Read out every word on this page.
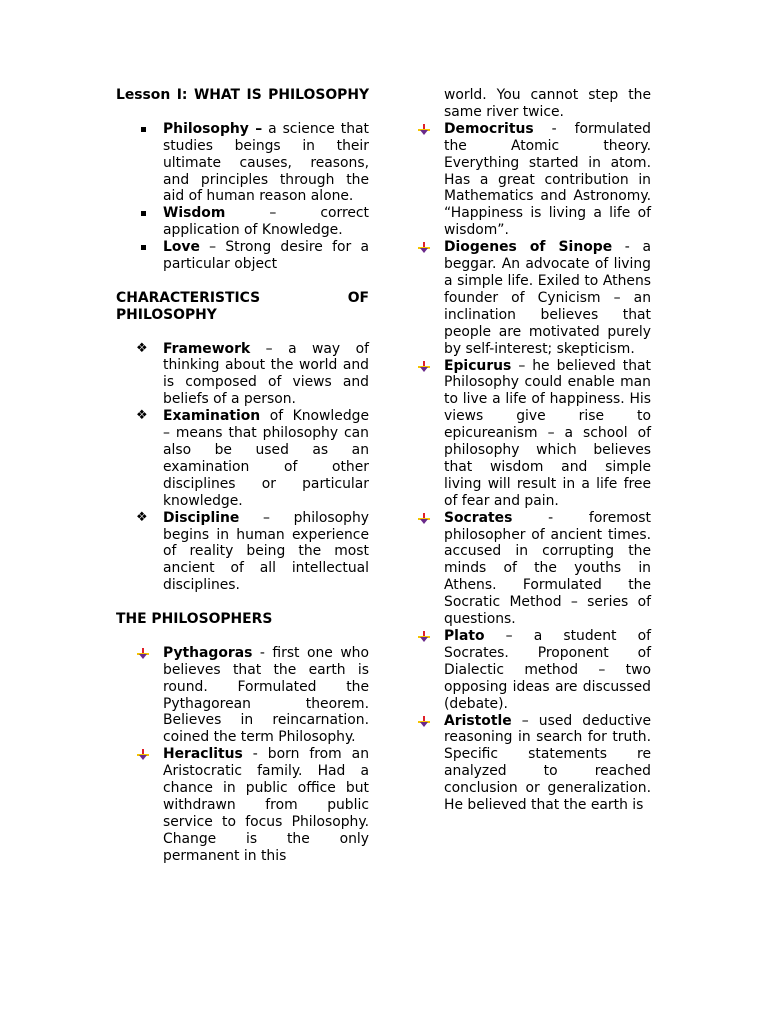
Lesson I: WHAT IS PHILOSOPHY

Philosophy – a science that studies beings in their ultimate causes, reasons, and principles through the aid of human reason alone.
Wisdom – correct application of Knowledge.
Love – Strong desire for a particular object

CHARACTERISTICS OF PHILOSOPHY

❖ Framework – a way of thinking about the world and is composed of views and beliefs of a person.
❖ Examination of Knowledge – means that philosophy can also be used as an examination of other disciplines or particular knowledge.
❖ Discipline – philosophy begins in human experience of reality being the most ancient of all intellectual disciplines.

THE PHILOSOPHERS

Pythagoras - first one who believes that the earth is round. Formulated the Pythagorean theorem. Believes in reincarnation. coined the term Philosophy.
Heraclitus - born from an Aristocratic family. Had a chance in public office but withdrawn from public service to focus Philosophy. Change is the only permanent in this

world. You cannot step the same river twice.

Democritus - formulated the Atomic theory. Everything started in atom. Has a great contribution in Mathematics and Astronomy. “Happiness is living a life of wisdom”.
Diogenes of Sinope - a beggar. An advocate of living a simple life. Exiled to Athens founder of Cynicism – an inclination believes that people are motivated purely by self-interest; skepticism.
Epicurus – he believed that Philosophy could enable man to live a life of happiness. His views give rise to epicureanism – a school of philosophy which believes that wisdom and simple living will result in a life free of fear and pain.
Socrates - foremost philosopher of ancient times. accused in corrupting the minds of the youths in Athens. Formulated the Socratic Method – series of questions.
Plato – a student of Socrates. Proponent of Dialectic method – two opposing ideas are discussed (debate).
Aristotle – used deductive reasoning in search for truth. Specific statements re analyzed to reached conclusion or generalization. He believed that the earth is
